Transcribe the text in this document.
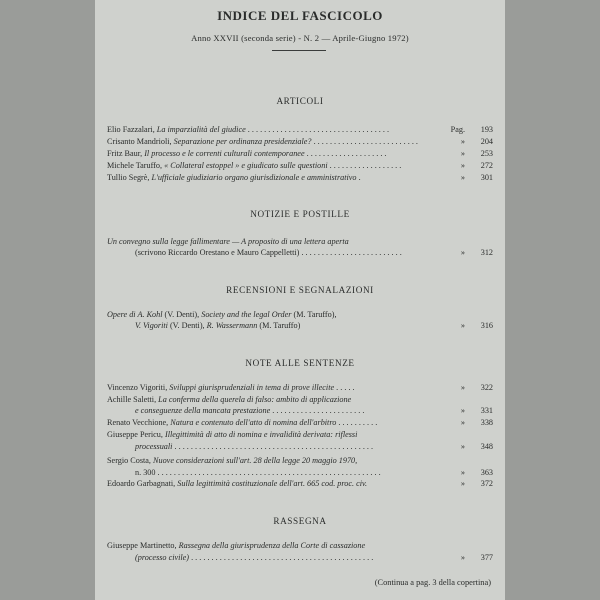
INDICE DEL FASCICOLO
Anno XXVII (seconda serie) - N. 2 — Aprile-Giugno 1972)
ARTICOLI
Elio Fazzalari, La imparzialità del giudice . . . . . . . . . . . . . . . . . . . . . . . . . . . . . . . . . . .	Pag. 193
Crisanto Mandrioli, Separazione per ordinanza presidenziale? . . . . . . . . . . . . . . . . . . . . . . . . . .	» 204
Fritz Baur, Il processo e le correnti culturali contemporanee . . . . . . . . . . . . . . . . . . . .	» 253
Michele Taruffo, « Collateral estoppel » e giudicato sulle questioni . . . . . . . . . . . . . . . . . .	» 272
Tullio Segrè, L'ufficiale giudiziario organo giurisdizionale e amministrativo .	» 301
NOTIZIE E POSTILLE
Un convegno sulla legge fallimentare — A proposito di una lettera aperta
(scrivono Riccardo Orestano e Mauro Cappelletti) . . . . . . . . . . . . . . . . . . . . . . . . .	» 312
RECENSIONI E SEGNALAZIONI
Opere di A. Kohl (V. Denti), Society and the legal Order (M. Taruffo),
V. Vigoriti (V. Denti), R. Wassermann (M. Taruffo)	» 316
NOTE ALLE SENTENZE
Vincenzo Vigoriti, Sviluppi giurisprudenziali in tema di prove illecite . . . . .	» 322
Achille Saletti, La conferma della querela di falso: ambito di applicazione
e conseguenze della mancata prestazione . . . . . . . . . . . . . . . . . . . . . . .	» 331
Renato Vecchione, Natura e contenuto dell'atto di nomina dell'arbitro . . . . . . . . . .	» 338
Giuseppe Pericu, Illegittimità di atto di nomina e invalidità derivata: riflessi
processuali . . . . . . . . . . . . . . . . . . . . . . . . . . . . . . . . . . . . . . . . . . . . . . . . .	» 348
Sergio Costa, Nuove considerazioni sull'art. 28 della legge 20 maggio 1970,
n. 300 . . . . . . . . . . . . . . . . . . . . . . . . . . . . . . . . . . . . . . . . . . . . . . . . . . . . . . .	» 363
Edoardo Garbagnati, Sulla legittimità costituzionale dell'art. 665 cod. proc. civ.	» 372
RASSEGNA
Giuseppe Martinetto, Rassegna della giurisprudenza della Corte di cassazione
(processo civile) . . . . . . . . . . . . . . . . . . . . . . . . . . . . . . . . . . . . . . . . . . . . .	» 377
(Continua a pag. 3 della copertina)
